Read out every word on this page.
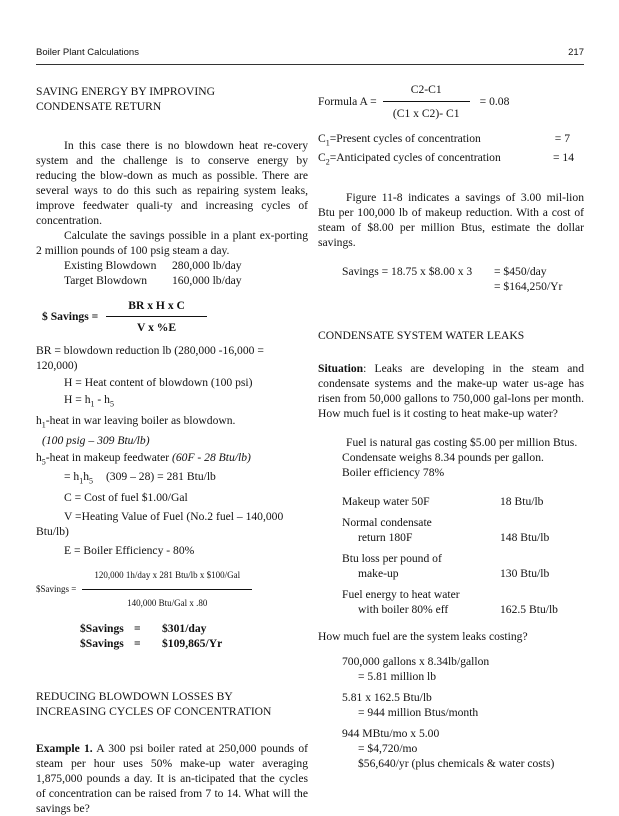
Boiler Plant Calculations	217

SAVING ENERGY BY IMPROVING
CONDENSATE RETURN

In this case there is no blowdown heat re-covery system and the challenge is to conserve energy by reducing the blow-down as much as possible. There are several ways to do this such as repairing system leaks, improve feedwater quali-ty and increasing cycles of concentration.

Calculate the savings possible in a plant ex-porting 2 million pounds of 100 psig steam a day.

Existing Blowdown	280,000 lb/day
Target Blowdown	160,000 lb/day
$ Savings = $\frac{\text{BR x H x C}}{\text{V x \%E}}$

BR = blowdown reduction lb (280,000 -16,000 =
120,000)

H = Heat content of blowdown (100 psi)

$H = h_1 - h_5$

$h_1$-heat in war leaving boiler as blowdown.

(100 psig – 309 Btu/lb)

$h_5$-heat in makeup feedwater (60F - 28 Btu/lb)

= $h_1h_5$ (309 – 28) = 281 Btu/lb

C = Cost of fuel $1.00/Gal

V =Heating Value of Fuel (No.2 fuel – 140,000
Btu/lb)

E = Boiler Efficiency - 80%

$Savings = $\frac{\text{120,000 1h/day x 281 Btu/lb x \$100/Gal}}{\text{140,000 Btu/Gal x .80}}$
$Savings =	$301/day
$Savings =	$109,865/Yr

REDUCING BLOWDOWN LOSSES BY
INCREASING CYCLES OF CONCENTRATION

Example 1. A 300 psi boiler rated at 250,000 pounds of steam per hour uses 50% make-up water averaging 1,875,000 pounds a day. It is an-ticipated that the cycles of concentration can be raised from 7 to 14. What will the savings be?

Formula $A = \frac{C2-C1}{\text{(C1 x C2)- C1}} = 0.08$
$C_1=Present$ cycles of concentration	= 7
$C_2=Anticipated$ cycles of concentration	= 14

Figure 11-8 indicates a savings of 3.00 mil-lion Btu per 100,000 lb of makeup reduction. With a cost of steam of $8.00 per million Btus, estimate the dollar savings.

Savings = 18.75 x $8.00 x 3	= $450/day
= $164,250/Yr

CONDENSATE SYSTEM WATER LEAKS

Situation: Leaks are developing in the steam and condensate systems and the make-up water us-age has risen from 50,000 gallons to 750,000 gal-lons per month. How much fuel is it costing to heat make-up water?

Fuel is natural gas costing $5.00 per million Btus.

Condensate weighs 8.34 pounds per gallon.

Boiler efficiency 78%

Makeup water 50F	18 Btu/lb
Normal condensate
return 180F	148 Btu/lb
Btu loss per pound of
make-up	130 Btu/lb
Fuel energy to heat water
with boiler 80% eff	162.5 Btu/lb

How much fuel are the system leaks costing?

700,000 gallons x 8.34lb/gallon

= 5.81 million lb

5.81 x 162.5 Btu/lb

= 944 million Btus/month

944 MBtu/mo x 5.00

= $4,720/mo

$56,640/yr (plus chemicals & water costs)
